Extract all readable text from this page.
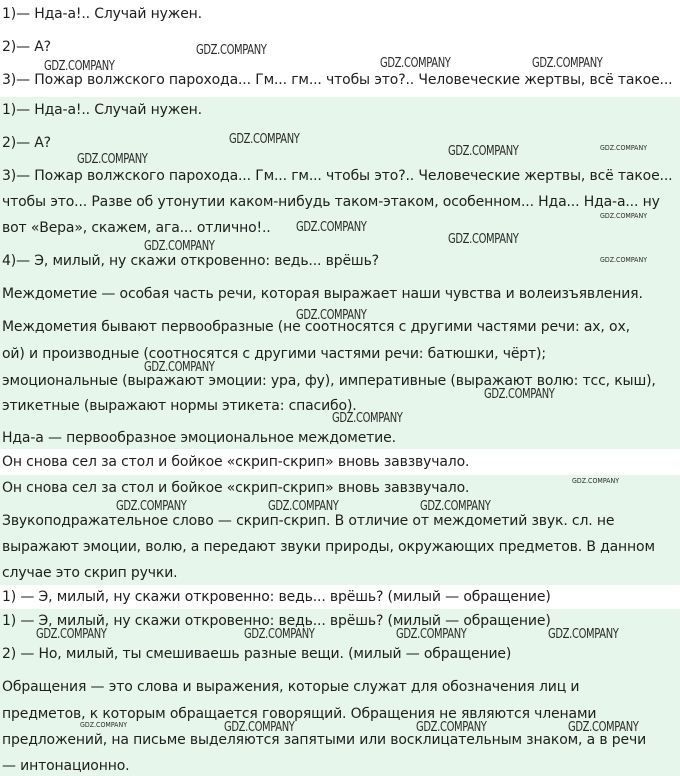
1)— Нда-а!.. Случай нужен.

2)— А?

3)— Пожар волжского парохода... Гм... гм... чтобы это?.. Человеческие жертвы, всё такое...

1)— Нда-а!.. Случай нужен.

2)— А?

3)— Пожар волжского парохода... Гм... гм... чтобы это?.. Человеческие жертвы, всё такое...

чтобы это... Разве об утонутии каком-нибудь таком-этаком, особенном... Нда... Нда-а... ну

вот «Вера», скажем, ага... отлично!..

4)— Э, милый, ну скажи откровенно: ведь... врёшь?

Междометие — особая часть речи, которая выражает наши чувства и волеизъявления.

Междометия бывают первообразные (не соотносятся с другими частями речи: ах, ох,

ой) и производные (соотносятся с другими частями речи: батюшки, чёрт);

эмоциональные (выражают эмоции: ура, фу), императивные (выражают волю: тсс, кыш),

этикетные (выражают нормы этикета: спасибо).

Нда-а — первообразное эмоциональное междометие.

Он снова сел за стол и бойкое «скрип-скрип» вновь завзвучало.

Он снова сел за стол и бойкое «скрип-скрип» вновь завзвучало.

Звукоподражательное слово — скрип-скрип. В отличие от междометий звук. сл. не

выражают эмоции, волю, а передают звуки природы, окружающих предметов. В данном

случае это скрип ручки.

1) — Э, милый, ну скажи откровенно: ведь... врёшь? (милый — обращение)

1) — Э, милый, ну скажи откровенно: ведь... врёшь? (милый — обращение)

2) — Но, милый, ты смешиваешь разные вещи. (милый — обращение)

Обращения — это слова и выражения, которые служат для обозначения лиц и

предметов, к которым обращается говорящий. Обращения не являются членами

предложений, на письме выделяются запятыми или восклицательным знаком, а в речи

— интонационно.

GDZ.COMPANY
GDZ.COMPANY	GDZ.COMPANY	GDZ.COMPANY
GDZ.COMPANY
GDZ.COMPANY
GDZ.COMPANY	GDZ.COMPANY
GDZ.COMPANY
GDZ.COMPANY
GDZ.COMPANY
GDZ.COMPANY
GDZ.COMPANY
GDZ.COMPANY
GDZ.COMPANY
GDZ.COMPANY
GDZ.COMPANY
GDZ.COMPANY
GDZ.COMPANY	GDZ.COMPANY	GDZ.COMPANY
GDZ.COMPANY	GDZ.COMPANY	GDZ.COMPANY	GDZ.COMPANY
GDZ.COMPANY	GDZ.COMPANY	GDZ.COMPANY	GDZ.COMPANY
